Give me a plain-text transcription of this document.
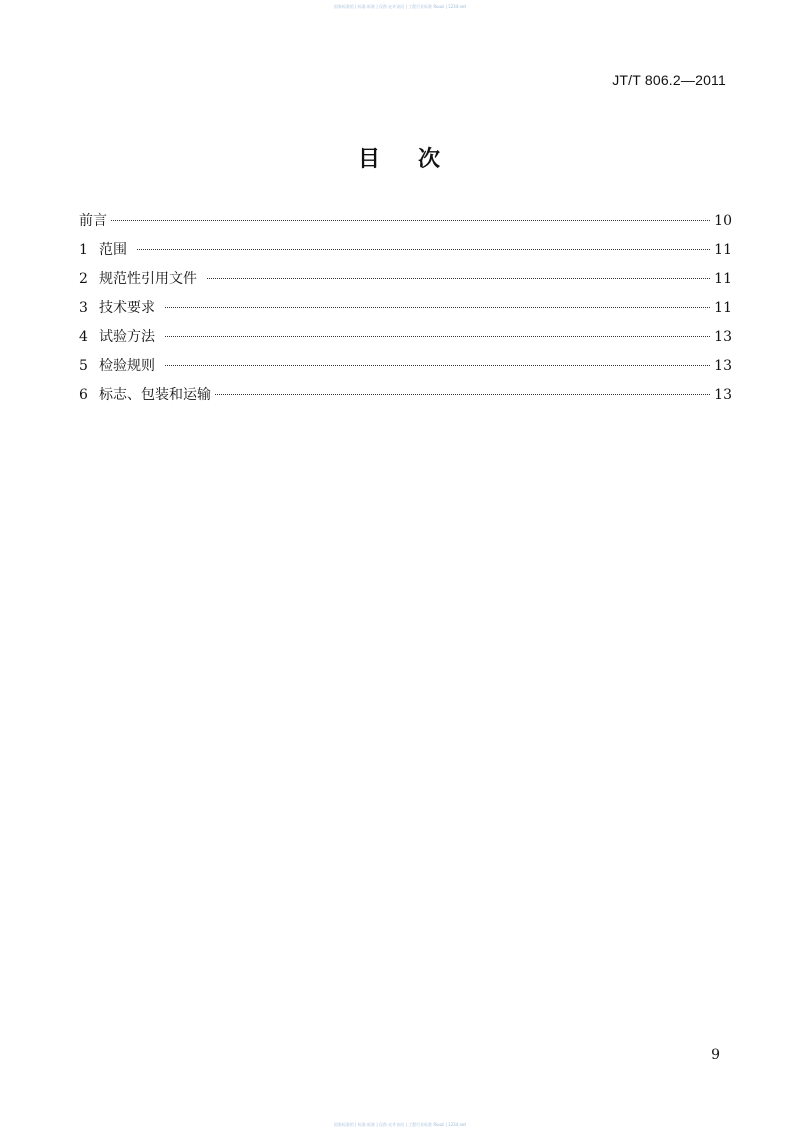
国家标准馆 | 标准.标准 | 仅供.允许访问 | 工程行业标准 Rouzi | 1234.net
JT/T 806.2—2011
目 次
前言	10
1 范围	11
2 规范性引用文件	11
3 技术要求	11
4 试验方法	13
5 检验规则	13
6 标志、包装和运输	13
9
国家标准馆 | 标准.标准 | 仅供.允许访问 | 工程行业标准 Rouzi | 1234.net
